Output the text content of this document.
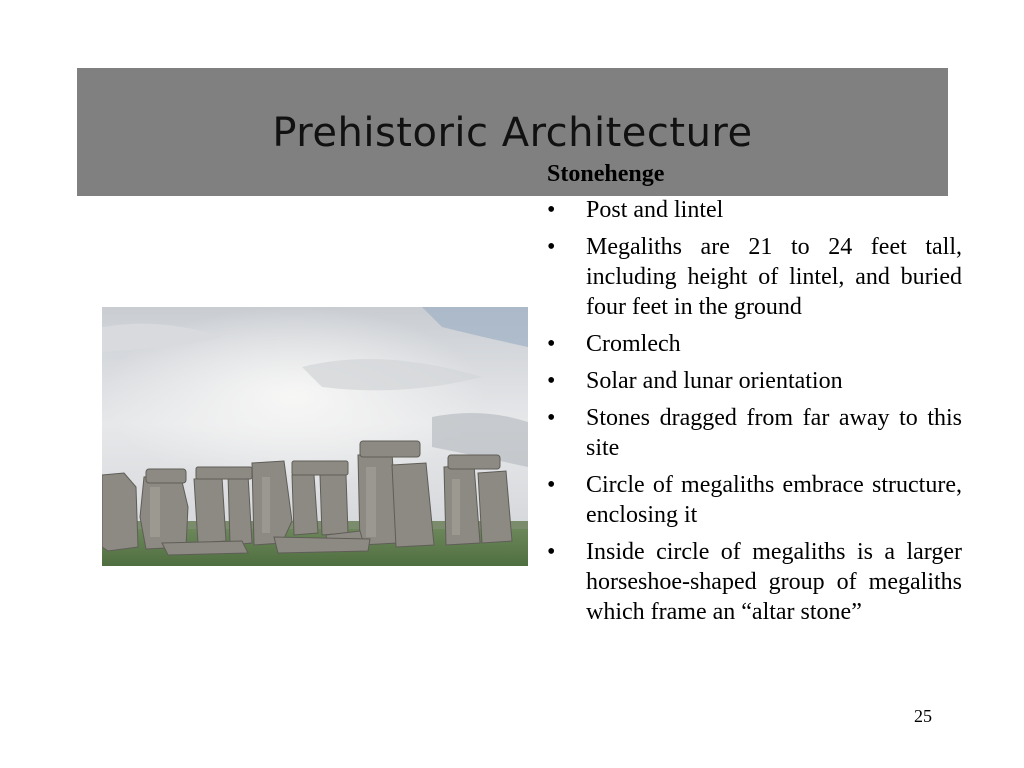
Prehistoric Architecture
Stonehenge
• Post and lintel
• Megaliths are 21 to 24 feet tall, including height of lintel, and buried four feet in the ground
• Cromlech
• Solar and lunar orientation
• Stones dragged from far away to this site
• Circle of megaliths embrace structure, enclosing it
• Inside circle of megaliths is a larger horseshoe-shaped group of megaliths which frame an “altar stone”
25
